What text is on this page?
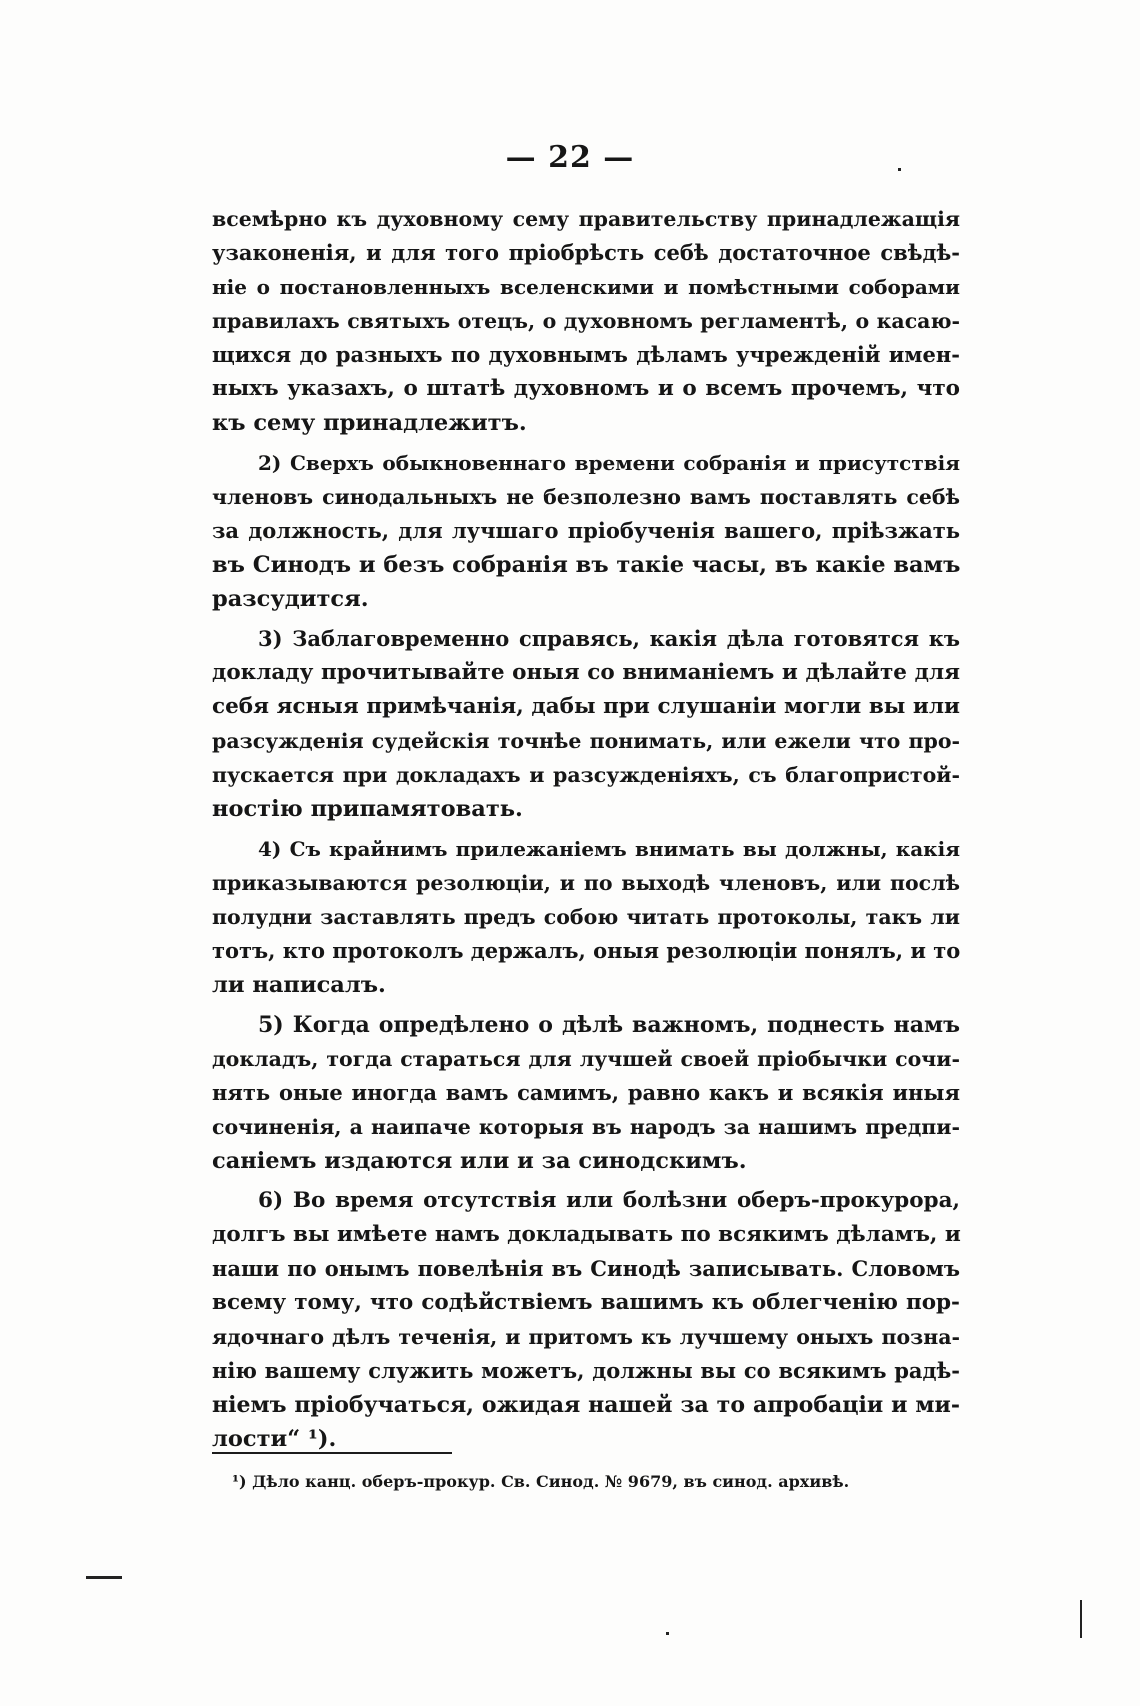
— 22 —
всемѣрно къ духовному сему правительству принадлежащія
узаконенія, и для того пріобрѣсть себѣ достаточное свѣдѣ-
ніе о постановленныхъ вселенскими и помѣстными соборами
правилахъ святыхъ отецъ, о духовномъ регламентѣ, о касаю-
щихся до разныхъ по духовнымъ дѣламъ учрежденій имен-
ныхъ указахъ, о штатѣ духовномъ и о всемъ прочемъ, что
къ сему принадлежитъ.
2) Сверхъ обыкновеннаго времени собранія и присутствія
членовъ синодальныхъ не безполезно вамъ поставлять себѣ
за должность, для лучшаго пріобученія вашего, пріѣзжать
въ Синодъ и безъ собранія въ такіе часы, въ какіе вамъ
разсудится.
3) Заблаговременно справясь, какія дѣла готовятся къ
докладу прочитывайте оныя со вниманіемъ и дѣлайте для
себя ясныя примѣчанія, дабы при слушаніи могли вы или
разсужденія судейскія точнѣе понимать, или ежели что про-
пускается при докладахъ и разсужденіяхъ, съ благопристой-
ностію припамятовать.
4) Съ крайнимъ прилежаніемъ внимать вы должны, какія
приказываются резолюціи, и по выходѣ членовъ, или послѣ
полудни заставлять предъ собою читать протоколы, такъ ли
тотъ, кто протоколъ держалъ, оныя резолюціи понялъ, и то
ли написалъ.
5) Когда опредѣлено о дѣлѣ важномъ, поднесть намъ
докладъ, тогда стараться для лучшей своей пріобычки сочи-
нять оные иногда вамъ самимъ, равно какъ и всякія иныя
сочиненія, а наипаче которыя въ народъ за нашимъ предпи-
саніемъ издаются или и за синодскимъ.
6) Во время отсутствія или болѣзни оберъ-прокурора,
долгъ вы имѣете намъ докладывать по всякимъ дѣламъ, и
наши по онымъ повелѣнія въ Синодѣ записывать. Словомъ
всему тому, что содѣйствіемъ вашимъ къ облегченію пор-
ядочнаго дѣлъ теченія, и притомъ къ лучшему оныхъ позна-
нію вашему служить можетъ, должны вы со всякимъ радѣ-
ніемъ пріобучаться, ожидая нашей за то апробаціи и ми-
лости“ ¹).
¹) Дѣло канц. оберъ-прокур. Св. Синод. № 9679, въ синод. архивѣ.
